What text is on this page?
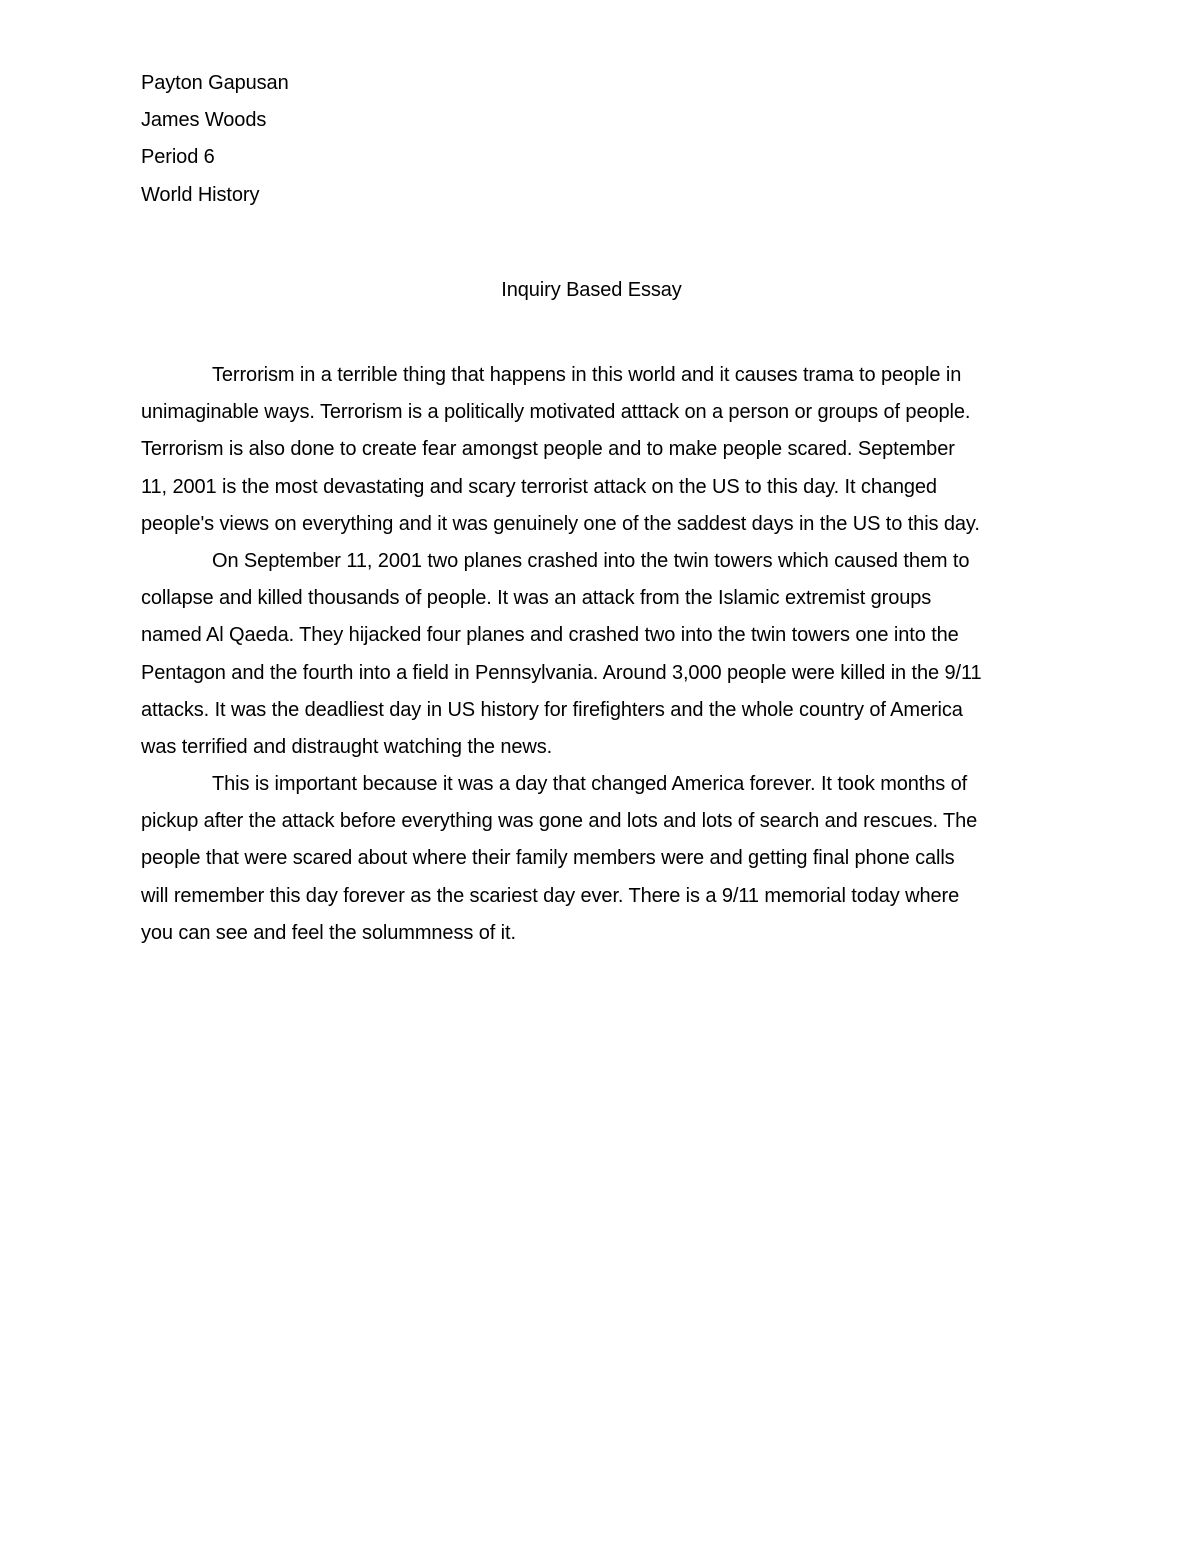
Payton Gapusan
James Woods
Period 6
World History
Inquiry Based Essay
Terrorism in a terrible thing that happens in this world and it causes trama to people in
unimaginable ways. Terrorism is a politically motivated atttack on a person or groups of people.
Terrorism is also done to create fear amongst people and to make people scared. September
11, 2001 is the most devastating and scary terrorist attack on the US to this day. It changed
people's views on everything and it was genuinely one of the saddest days in the US to this day.
On September 11, 2001 two planes crashed into the twin towers which caused them to
collapse and killed thousands of people. It was an attack from the Islamic extremist groups
named Al Qaeda. They hijacked four planes and crashed two into the twin towers one into the
Pentagon and the fourth into a field in Pennsylvania. Around 3,000 people were killed in the 9/11
attacks. It was the deadliest day in US history for firefighters and the whole country of America
was terrified and distraught watching the news.
This is important because it was a day that changed America forever. It took months of
pickup after the attack before everything was gone and lots and lots of search and rescues. The
people that were scared about where their family members were and getting final phone calls
will remember this day forever as the scariest day ever. There is a 9/11 memorial today where
you can see and feel the solummness of it.
